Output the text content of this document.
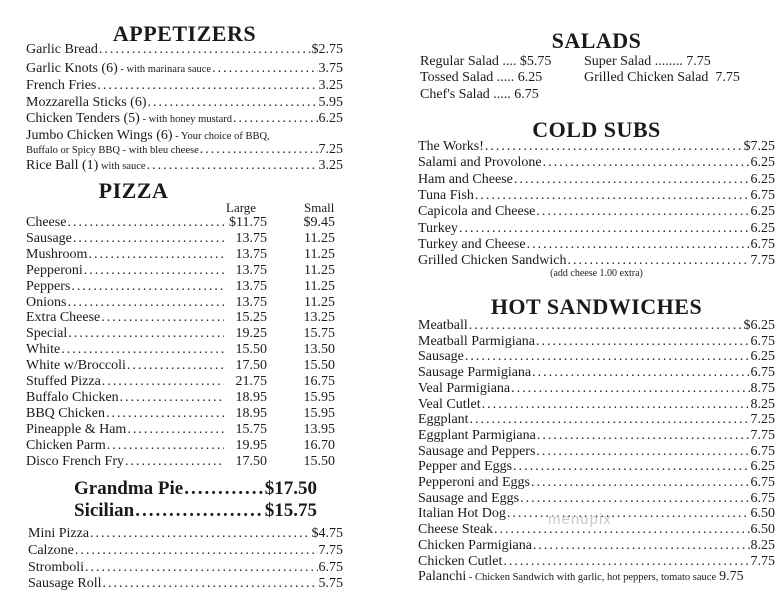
APPETIZERS
Garlic Bread .....	$2.75
Garlic Knots (6) - with marinara sauce .....	3.75
French Fries .....	3.25
Mozzarella Sticks (6) .....	5.95
Chicken Tenders (5) - with honey mustard .....	6.25
Jumbo Chicken Wings (6) - Your choice of BBQ,
Buffalo or Spicy BBQ - with bleu cheese .....	7.25
Rice Ball (1) with sauce .....	3.25
PIZZA
Large	Small
Cheese .....	$11.75	$9.45
Sausage .....	13.75	11.25
Mushroom .....	13.75	11.25
Pepperoni .....	13.75	11.25
Peppers .....	13.75	11.25
Onions .....	13.75	11.25
Extra Cheese .....	15.25	13.25
Special .....	19.25	15.75
White .....	15.50	13.50
White w/Broccoli .....	17.50	15.50
Stuffed Pizza .....	21.75	16.75
Buffalo Chicken .....	18.95	15.95
BBQ Chicken .....	18.95	15.95
Pineapple & Ham .....	15.75	13.95
Chicken Parm .....	19.95	16.70
Disco French Fry .....	17.50	15.50
Grandma Pie .....	$17.50
Sicilian .....	$15.75
Mini Pizza .....	$4.75
Calzone .....	7.75
Stromboli .....	6.75
Sausage Roll .....	5.75
SALADS
Regular Salad .... $5.75
Tossed Salad ..... 6.25
Chef's Salad ..... 6.75
Super Salad ........ 7.75
Grilled Chicken Salad 7.75
COLD SUBS
The Works! .....	$7.25
Salami and Provolone .....	6.25
Ham and Cheese .....	6.25
Tuna Fish .....	6.75
Capicola and Cheese .....	6.25
Turkey .....	6.25
Turkey and Cheese .....	6.75
Grilled Chicken Sandwich .....	7.75
(add cheese 1.00 extra)
HOT SANDWICHES
Meatball .....	$6.25
Meatball Parmigiana .....	6.75
Sausage .....	6.25
Sausage Parmigiana .....	6.75
Veal Parmigiana .....	8.75
Veal Cutlet .....	8.25
Eggplant .....	7.25
Eggplant Parmigiana .....	7.75
Sausage and Peppers .....	6.75
Pepper and Eggs .....	6.25
Pepperoni and Eggs .....	6.75
Sausage and Eggs .....	6.75
Italian Hot Dog .....	6.50
Cheese Steak .....	6.50
Chicken Parmigiana .....	8.25
Chicken Cutlet .....	7.75
Palanchi - Chicken Sandwich with garlic, hot peppers, tomato sauce 9.75
menupix
